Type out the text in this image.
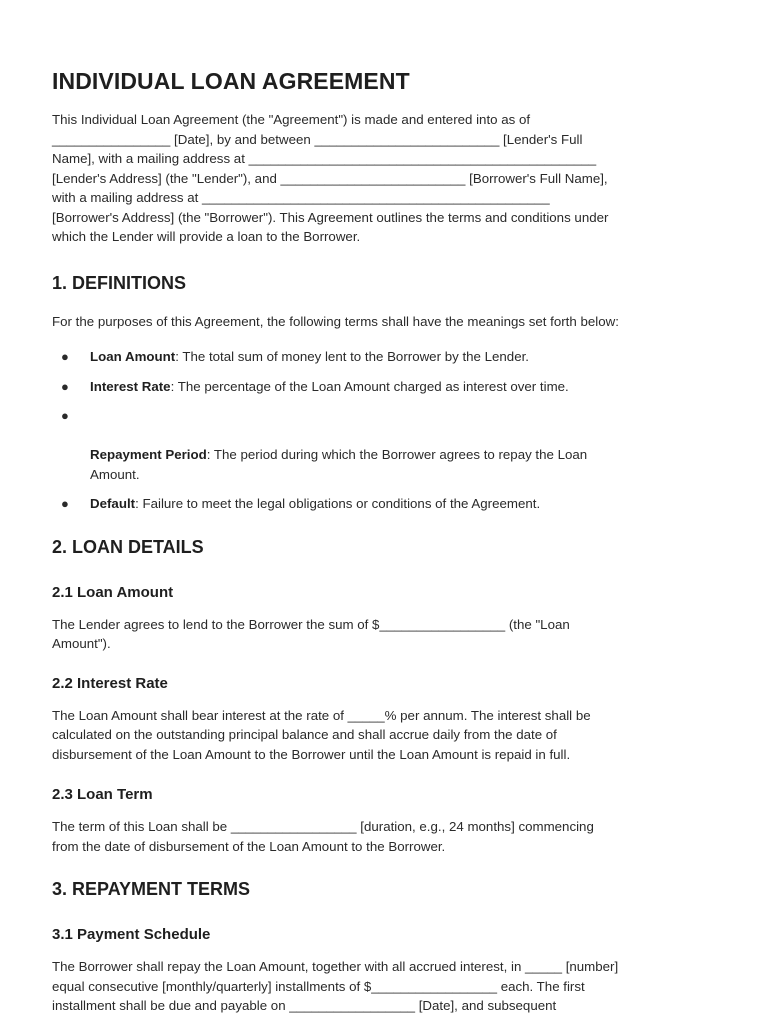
INDIVIDUAL LOAN AGREEMENT

This Individual Loan Agreement (the "Agreement") is made and entered into as of
________________ [Date], by and between _________________________ [Lender's Full
Name], with a mailing address at _______________________________________________
[Lender's Address] (the "Lender"), and _________________________ [Borrower's Full Name],
with a mailing address at _______________________________________________
[Borrower's Address] (the "Borrower"). This Agreement outlines the terms and conditions under
which the Lender will provide a loan to the Borrower.

1. DEFINITIONS

For the purposes of this Agreement, the following terms shall have the meanings set forth below:

● Loan Amount: The total sum of money lent to the Borrower by the Lender.
● Interest Rate: The percentage of the Loan Amount charged as interest over time.

●

Repayment Period: The period during which the Borrower agrees to repay the Loan
Amount.

● Default: Failure to meet the legal obligations or conditions of the Agreement.
2. LOAN DETAILS
2.1 Loan Amount

The Lender agrees to lend to the Borrower the sum of $_________________ (the "Loan
Amount").

2.2 Interest Rate

The Loan Amount shall bear interest at the rate of _____% per annum. The interest shall be
calculated on the outstanding principal balance and shall accrue daily from the date of
disbursement of the Loan Amount to the Borrower until the Loan Amount is repaid in full.

2.3 Loan Term

The term of this Loan shall be _________________ [duration, e.g., 24 months] commencing
from the date of disbursement of the Loan Amount to the Borrower.

3. REPAYMENT TERMS
3.1 Payment Schedule

The Borrower shall repay the Loan Amount, together with all accrued interest, in _____ [number]
equal consecutive [monthly/quarterly] installments of $_________________ each. The first
installment shall be due and payable on _________________ [Date], and subsequent
